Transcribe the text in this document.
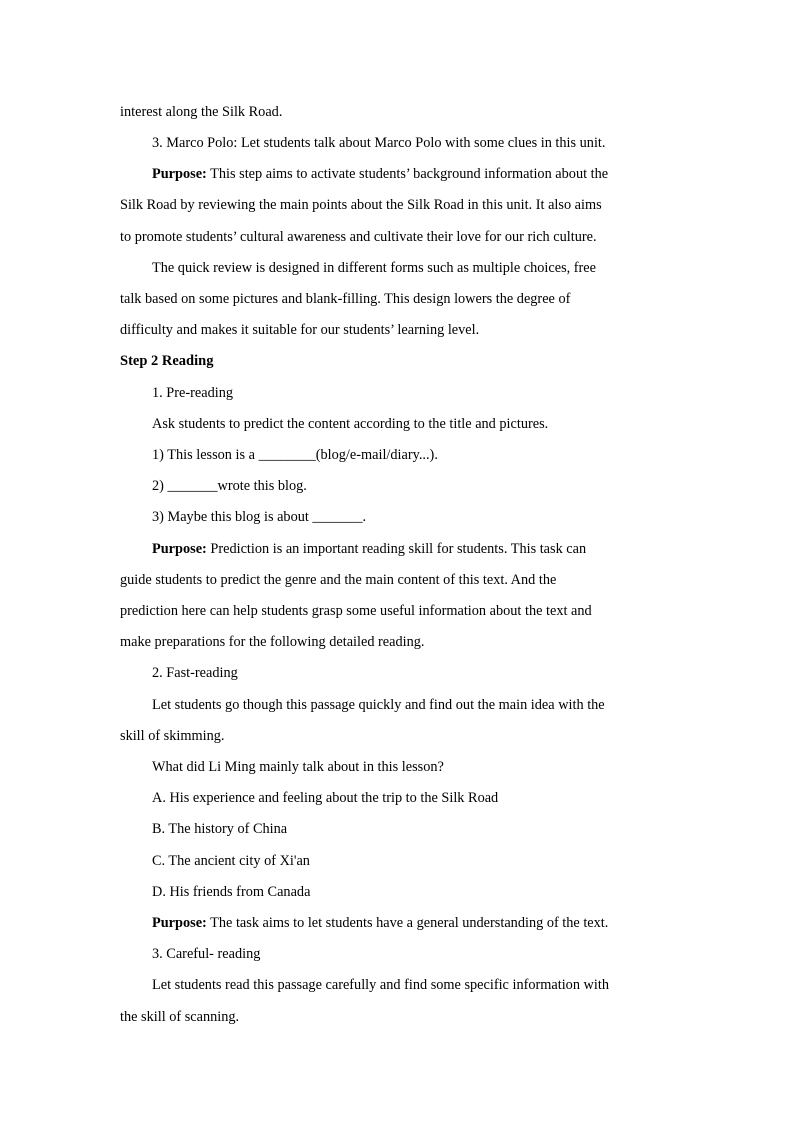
interest along the Silk Road.
3. Marco Polo: Let students talk about Marco Polo with some clues in this unit.
Purpose: This step aims to activate students’ background information about the
Silk Road by reviewing the main points about the Silk Road in this unit. It also aims
to promote students’ cultural awareness and cultivate their love for our rich culture.
The quick review is designed in different forms such as multiple choices, free
talk based on some pictures and blank-filling. This design lowers the degree of
difficulty and makes it suitable for our students’ learning level.
Step 2 Reading
1. Pre-reading
Ask students to predict the content according to the title and pictures.
1) This lesson is a ________(blog/e-mail/diary...).
2) _______wrote this blog.
3) Maybe this blog is about _______.
Purpose: Prediction is an important reading skill for students. This task can
guide students to predict the genre and the main content of this text. And the
prediction here can help students grasp some useful information about the text and
make preparations for the following detailed reading.
2. Fast-reading
Let students go though this passage quickly and find out the main idea with the
skill of skimming.
What did Li Ming mainly talk about in this lesson?
A. His experience and feeling about the trip to the Silk Road
B. The history of China
C. The ancient city of Xi'an
D. His friends from Canada
Purpose: The task aims to let students have a general understanding of the text.
3. Careful- reading
Let students read this passage carefully and find some specific information with
the skill of scanning.
